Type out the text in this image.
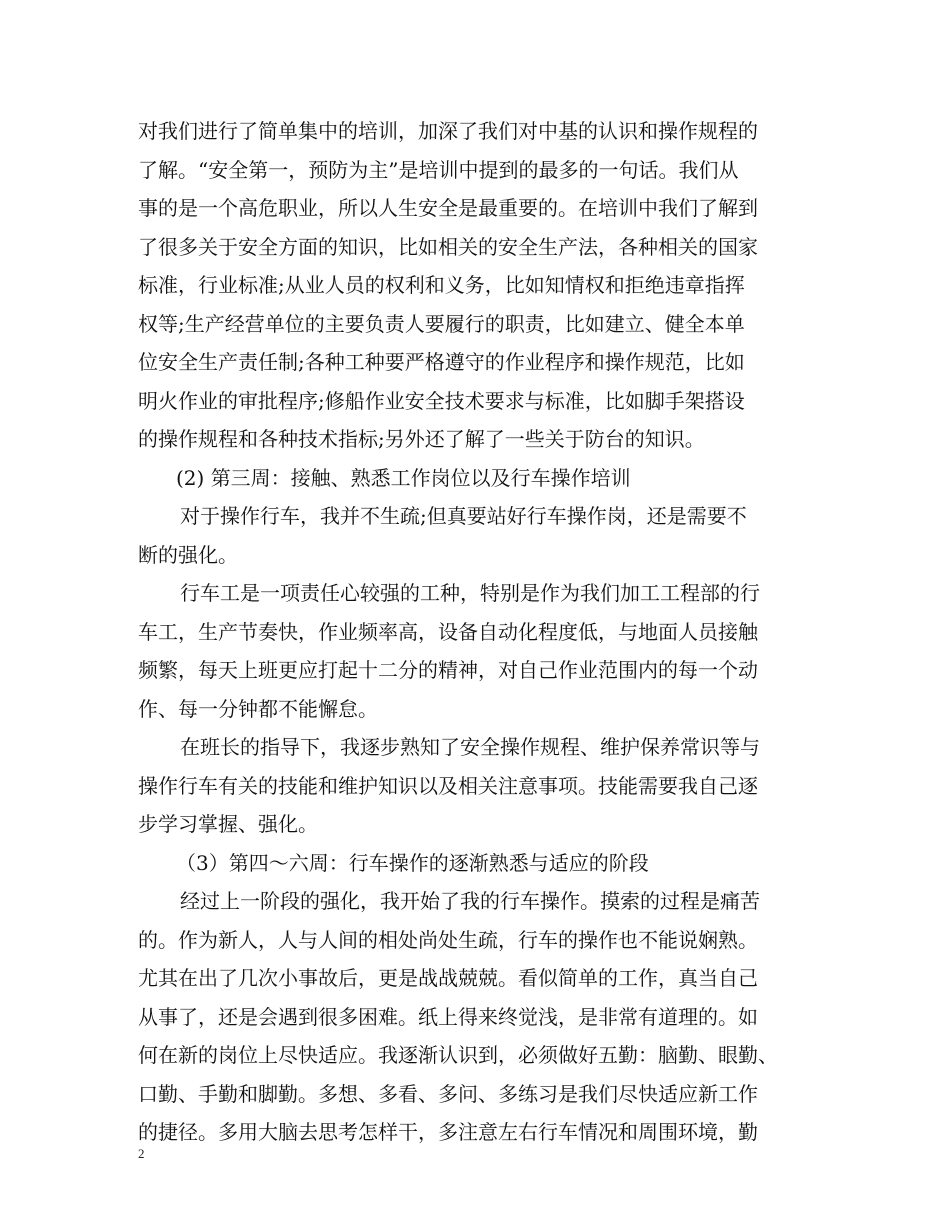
对我们进行了简单集中的培训，加深了我们对中基的认识和操作规程的
了解。“安全第一，预防为主”是培训中提到的最多的一句话。我们从
事的是一个高危职业，所以人生安全是最重要的。在培训中我们了解到
了很多关于安全方面的知识，比如相关的安全生产法，各种相关的国家
标准，行业标准;从业人员的权利和义务，比如知情权和拒绝违章指挥
权等;生产经营单位的主要负责人要履行的职责，比如建立、健全本单
位安全生产责任制;各种工种要严格遵守的作业程序和操作规范，比如
明火作业的审批程序;修船作业安全技术要求与标准，比如脚手架搭设
的操作规程和各种技术指标;另外还了解了一些关于防台的知识。
(2) 第三周：接触、熟悉工作岗位以及行车操作培训
对于操作行车，我并不生疏;但真要站好行车操作岗，还是需要不
断的强化。
行车工是一项责任心较强的工种，特别是作为我们加工工程部的行
车工，生产节奏快，作业频率高，设备自动化程度低，与地面人员接触
频繁，每天上班更应打起十二分的精神，对自己作业范围内的每一个动
作、每一分钟都不能懈怠。
在班长的指导下，我逐步熟知了安全操作规程、维护保养常识等与
操作行车有关的技能和维护知识以及相关注意事项。技能需要我自己逐
步学习掌握、强化。
（3）第四～六周：行车操作的逐渐熟悉与适应的阶段
经过上一阶段的强化，我开始了我的行车操作。摸索的过程是痛苦
的。作为新人，人与人间的相处尚处生疏，行车的操作也不能说娴熟。
尤其在出了几次小事故后，更是战战兢兢。看似简单的工作，真当自己
从事了，还是会遇到很多困难。纸上得来终觉浅，是非常有道理的。如
何在新的岗位上尽快适应。我逐渐认识到，必须做好五勤：脑勤、眼勤、
口勤、手勤和脚勤。多想、多看、多问、多练习是我们尽快适应新工作
的捷径。多用大脑去思考怎样干，多注意左右行车情况和周围环境，勤
2
